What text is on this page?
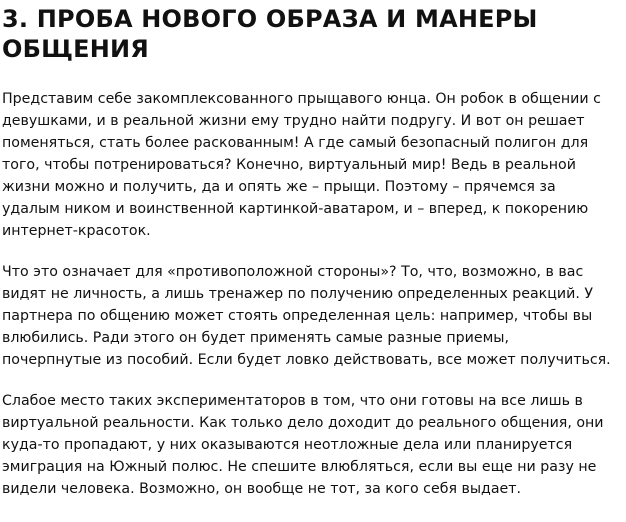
3. ПРОБА НОВОГО ОБРАЗА И МАНЕРЫ
ОБЩЕНИЯ

Представим себе закомплексованного прыщавого юнца. Он робок в общении с
девушками, и в реальной жизни ему трудно найти подругу. И вот он решает
поменяться, стать более раскованным! А где самый безопасный полигон для
того, чтобы потренироваться? Конечно, виртуальный мир! Ведь в реальной
жизни можно и получить, да и опять же – прыщи. Поэтому – прячемся за
удалым ником и воинственной картинкой-аватаром, и – вперед, к покорению
интернет-красоток.

Что это означает для «противоположной стороны»? То, что, возможно, в вас
видят не личность, а лишь тренажер по получению определенных реакций. У
партнера по общению может стоять определенная цель: например, чтобы вы
влюбились. Ради этого он будет применять самые разные приемы,
почерпнутые из пособий. Если будет ловко действовать, все может получиться.

Слабое место таких экспериментаторов в том, что они готовы на все лишь в
виртуальной реальности. Как только дело доходит до реального общения, они
куда-то пропадают, у них оказываются неотложные дела или планируется
эмиграция на Южный полюс. Не спешите влюбляться, если вы еще ни разу не
видели человека. Возможно, он вообще не тот, за кого себя выдает.
